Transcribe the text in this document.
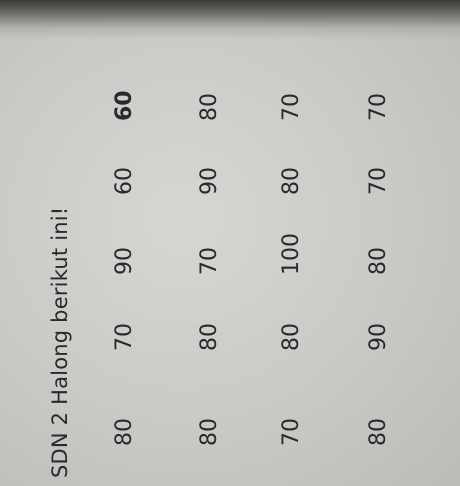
SDN 2 Halong berikut ini! 80
70
90
60
60
80
80
70
90
80
70
80
100
80
70
80
90
80
70
70
